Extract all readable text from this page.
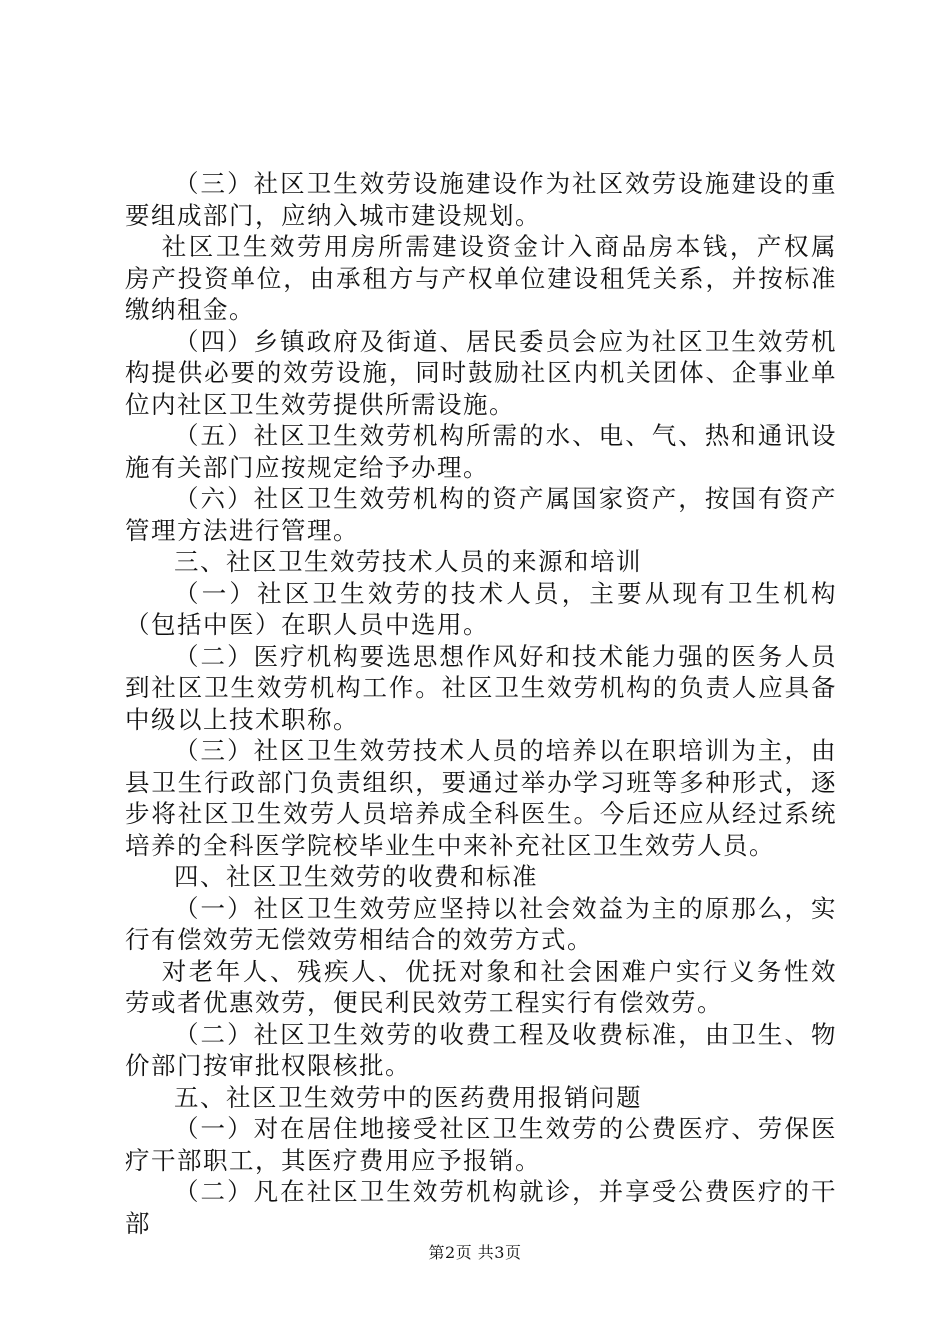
（三）社区卫生效劳设施建设作为社区效劳设施建设的重要组成部门，应纳入城市建设规划。

社区卫生效劳用房所需建设资金计入商品房本钱，产权属房产投资单位，由承租方与产权单位建设租凭关系，并按标准缴纳租金。

（四）乡镇政府及街道、居民委员会应为社区卫生效劳机构提供必要的效劳设施，同时鼓励社区内机关团体、企事业单位内社区卫生效劳提供所需设施。

（五）社区卫生效劳机构所需的水、电、气、热和通讯设施有关部门应按规定给予办理。

（六）社区卫生效劳机构的资产属国家资产，按国有资产管理方法进行管理。

三、社区卫生效劳技术人员的来源和培训

（一）社区卫生效劳的技术人员，主要从现有卫生机构（包括中医）在职人员中选用。

（二）医疗机构要选思想作风好和技术能力强的医务人员到社区卫生效劳机构工作。社区卫生效劳机构的负责人应具备中级以上技术职称。

（三）社区卫生效劳技术人员的培养以在职培训为主，由县卫生行政部门负责组织，要通过举办学习班等多种形式，逐步将社区卫生效劳人员培养成全科医生。今后还应从经过系统培养的全科医学院校毕业生中来补充社区卫生效劳人员。

四、社区卫生效劳的收费和标准

（一）社区卫生效劳应坚持以社会效益为主的原那么，实行有偿效劳无偿效劳相结合的效劳方式。

对老年人、残疾人、优抚对象和社会困难户实行义务性效劳或者优惠效劳，便民利民效劳工程实行有偿效劳。

（二）社区卫生效劳的收费工程及收费标准，由卫生、物价部门按审批权限核批。

五、社区卫生效劳中的医药费用报销问题

（一）对在居住地接受社区卫生效劳的公费医疗、劳保医疗干部职工，其医疗费用应予报销。

（二）凡在社区卫生效劳机构就诊，并享受公费医疗的干部

第2页 共3页
